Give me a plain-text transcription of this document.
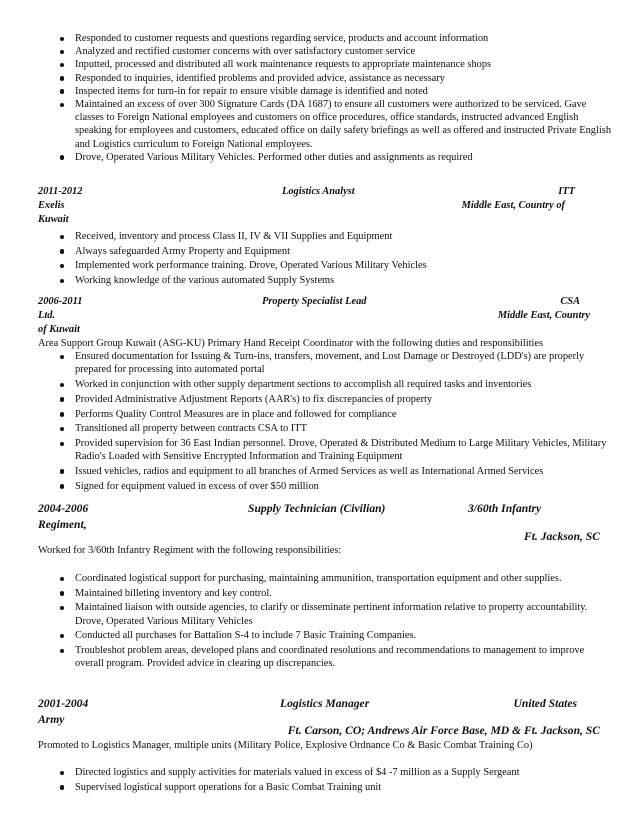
Responded to customer requests and questions regarding service, products and account information
Analyzed and rectified customer concerns with over satisfactory customer service
Inputted, processed and distributed all work maintenance requests to appropriate maintenance shops
Responded to inquiries, identified problems and provided advice, assistance as necessary
Inspected items for turn-in for repair to ensure visible damage is identified and noted
Maintained an excess of over 300 Signature Cards (DA 1687) to ensure all customers were authorized to be serviced. Gave classes to Foreign National employees and customers on office procedures, office standards, instructed advanced English speaking for employees and customers, educated office on daily safety briefings as well as offered and instructed Private English and Logistics curriculum to Foreign National employees.
Drove, Operated Various Military Vehicles. Performed other duties and assignments as required
2011-2012	Logistics Analyst	ITT
Exelis	Middle East, Country of
Kuwait
Received, inventory and process Class II, IV & VII Supplies and Equipment
Always safeguarded Army Property and Equipment
Implemented work performance training. Drove, Operated Various Military Vehicles
Working knowledge of the various automated Supply Systems
2006-2011	Property Specialist Lead	CSA
Ltd.	Middle East, Country
of Kuwait
Area Support Group Kuwait (ASG-KU) Primary Hand Receipt Coordinator with the following duties and responsibilities
Ensured documentation for Issuing & Turn-ins, transfers, movement, and Lost Damage or Destroyed (LDD's) are properly prepared for processing into automated portal
Worked in conjunction with other supply department sections to accomplish all required tasks and inventories
Provided Administrative Adjustment Reports (AAR's) to fix discrepancies of property
Performs Quality Control Measures are in place and followed for compliance
Transitioned all property between contracts CSA to ITT
Provided supervision for 36 East Indian personnel. Drove, Operated & Distributed Medium to Large Military Vehicles, Military Radio's Loaded with Sensitive Encrypted Information and Training Equipment
Issued vehicles, radios and equipment to all branches of Armed Services as well as International Armed Services
Signed for equipment valued in excess of over $50 million
2004-2006	Supply Technician (Civilian)	3/60th Infantry
Regiment,
Ft. Jackson, SC
Worked for 3/60th Infantry Regiment with the following responsibilities:
Coordinated logistical support for purchasing, maintaining ammunition, transportation equipment and other supplies.
Maintained billeting inventory and key control.
Maintained liaison with outside agencies, to clarify or disseminate pertinent information relative to property accountability. Drove, Operated Various Military Vehicles
Conducted all purchases for Battalion S-4 to include 7 Basic Training Companies.
Troubleshot problem areas, developed plans and coordinated resolutions and recommendations to management to improve overall program. Provided advice in clearing up discrepancies.
2001-2004	Logistics Manager	United States
Army
Ft. Carson, CO; Andrews Air Force Base, MD & Ft. Jackson, SC
Promoted to Logistics Manager, multiple units (Military Police, Explosive Ordnance Co & Basic Combat Training Co)
Directed logistics and supply activities for materials valued in excess of $4 -7 million as a Supply Sergeant
Supervised logistical support operations for a Basic Combat Training unit
